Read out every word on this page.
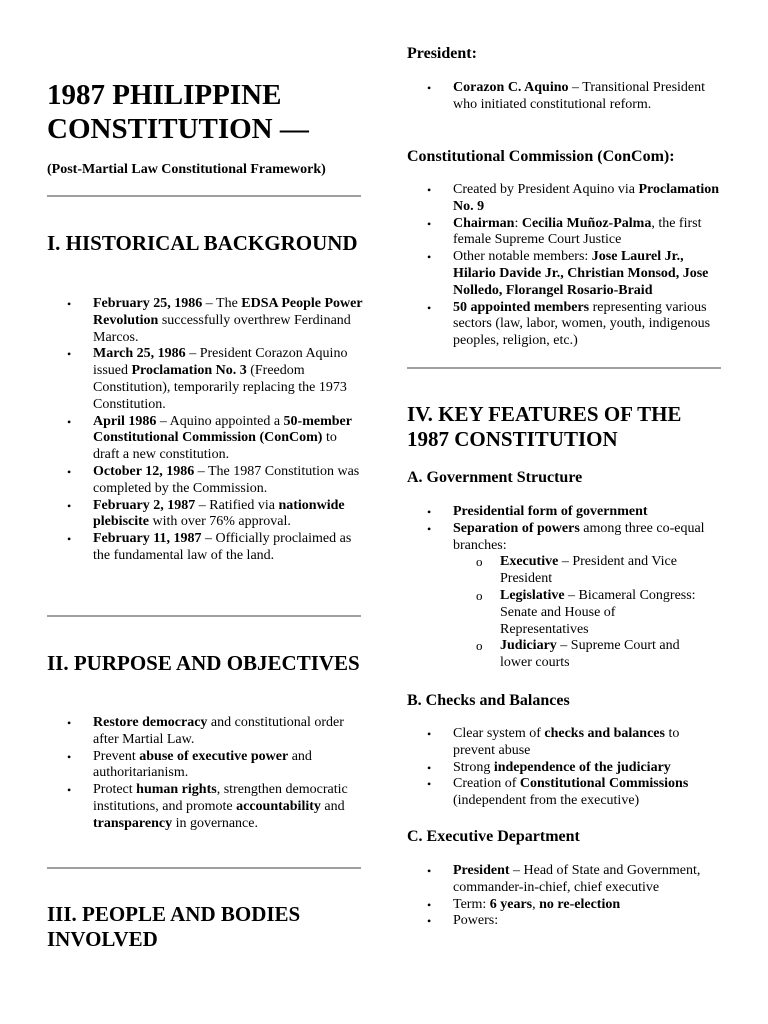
1987 PHILIPPINE CONSTITUTION —

(Post-Martial Law Constitutional Framework)

I. HISTORICAL BACKGROUND
• February 25, 1986 – The EDSA People Power Revolution successfully overthrew Ferdinand Marcos.
• March 25, 1986 – President Corazon Aquino issued Proclamation No. 3 (Freedom Constitution), temporarily replacing the 1973 Constitution.
• April 1986 – Aquino appointed a 50-member Constitutional Commission (ConCom) to draft a new constitution.
• October 12, 1986 – The 1987 Constitution was completed by the Commission.
• February 2, 1987 – Ratified via nationwide plebiscite with over 76% approval.
• February 11, 1987 – Officially proclaimed as the fundamental law of the land.
II. PURPOSE AND OBJECTIVES
• Restore democracy and constitutional order after Martial Law.
• Prevent abuse of executive power and authoritarianism.
• Protect human rights, strengthen democratic institutions, and promote accountability and transparency in governance.
III. PEOPLE AND BODIES INVOLVED
President:
• Corazon C. Aquino – Transitional President who initiated constitutional reform.
Constitutional Commission (ConCom):
• Created by President Aquino via Proclamation No. 9
• Chairman: Cecilia Muñoz-Palma, the first female Supreme Court Justice
• Other notable members: Jose Laurel Jr., Hilario Davide Jr., Christian Monsod, Jose Nolledo, Florangel Rosario-Braid
• 50 appointed members representing various sectors (law, labor, women, youth, indigenous peoples, religion, etc.)
IV. KEY FEATURES OF THE 1987 CONSTITUTION
A. Government Structure
• Presidential form of government
• Separation of powers among three co-equal branches:
o Executive – President and Vice President
o Legislative – Bicameral Congress: Senate and House of Representatives
o Judiciary – Supreme Court and lower courts
B. Checks and Balances
• Clear system of checks and balances to prevent abuse
• Strong independence of the judiciary
• Creation of Constitutional Commissions (independent from the executive)
C. Executive Department
• President – Head of State and Government, commander-in-chief, chief executive
• Term: 6 years, no re-election
• Powers:
